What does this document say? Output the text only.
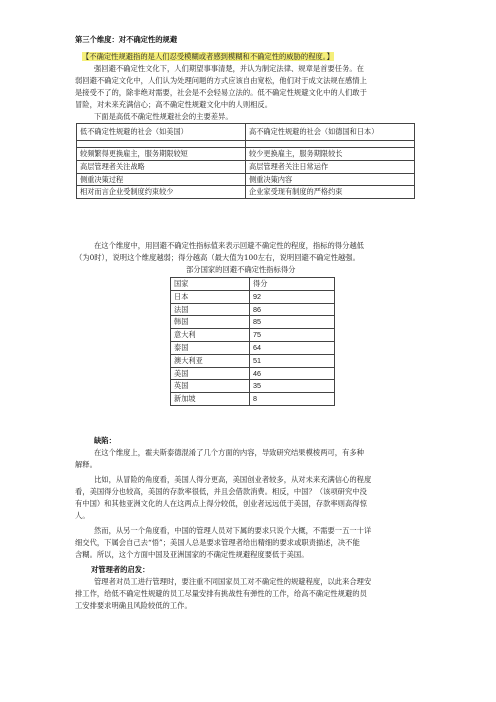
第三个维度：对不确定性的规避
【不确定性规避指的是人们忍受模糊或者感到模糊和不确定性的威胁的程度。】
强回避不确定性文化下，人们期望事事清楚，并认为制定法律、规章是首要任务。在
弱回避不确定文化中，人们认为处理问题的方式应该自由宽松，他们对于成文法规在感情上
是接受不了的，除非绝对需要，社会是不会轻易立法的。低不确定性规避文化中的人们敢于
冒险，对未来充满信心；高不确定性规避文化中的人则相反。
下面是高低不确定性规避社会的主要差异。
低不确定性规避的社会（如美国）	高不确定性规避的社会（如德国和日本）

较频繁得更换雇主，服务期限较短	较少更换雇主，服务期限较长
高层管理者关注战略	高层管理者关注日常运作
侧重决策过程	侧重决策内容
相对而言企业受制度约束较少	企业家受现有制度的严格约束
在这个维度中，用回避不确定性指标值来表示回避不确定性的程度，指标的得分越低
（为0时），说明这个维度越弱；得分越高（最大值为100左右，说明回避不确定性越强。
部分国家的回避不确定性指标得分
国家	得分
日本	92
法国	86
韩国	85
意大利	75
泰国	64
澳大利亚	51
美国	46
英国	35
新加坡	8
缺陷：
在这个维度上，霍夫斯泰德混淆了几个方面的内容，导致研究结果模棱两可，有多种
解释。
比如，从冒险的角度看，美国人得分更高，美国创业者较多，从对未来充满信心的程度
看，美国得分也较高，美国的存款率很低，并且会借款消费。相反，中国？（该项研究中没
有中国）和其他亚洲文化的人在这两点上得分较低，创业者远远低于美国，存款率则高得惊
人。
然而，从另一个角度看，中国的管理人员对下属的要求只说个大概，不需要一五一十详
细交代，下属会自己去“悟”；美国人总是要求管理者给出精细的要求或职责描述，决不能
含糊。所以，这个方面中国及亚洲国家的不确定性规避程度要低于美国。
对管理者的启发：
管理者对员工进行管理时，要注重不同国家员工对不确定性的规避程度，以此来合理安
排工作，给低不确定性规避的员工尽量安排有挑战性有弹性的工作，给高不确定性规避的员
工安排要求明确且风险较低的工作。
